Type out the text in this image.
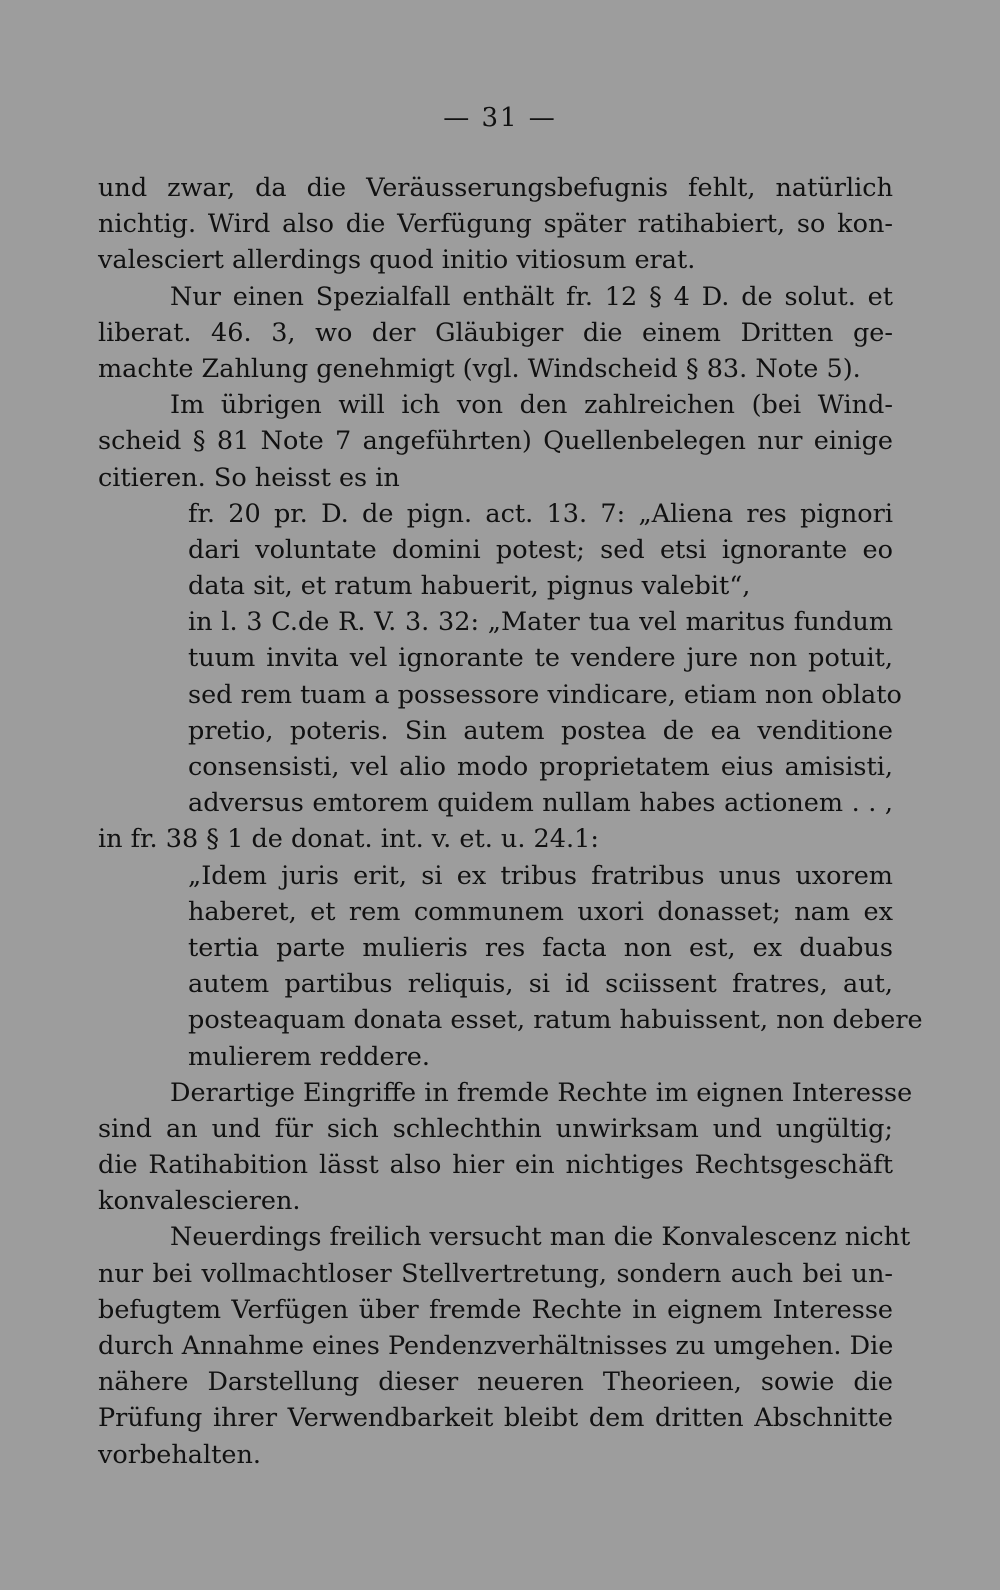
— 31 —
und zwar, da die Veräusserungsbefugnis fehlt, natürlich
nichtig. Wird also die Verfügung später ratihabiert, so kon-
valesciert allerdings quod initio vitiosum erat.
Nur einen Spezialfall enthält fr. 12 § 4 D. de solut. et
liberat. 46. 3, wo der Gläubiger die einem Dritten ge-
machte Zahlung genehmigt (vgl. Windscheid § 83. Note 5).
Im übrigen will ich von den zahlreichen (bei Wind-
scheid § 81 Note 7 angeführten) Quellenbelegen nur einige
citieren. So heisst es in
fr. 20 pr. D. de pign. act. 13. 7: „Aliena res pignori
dari voluntate domini potest; sed etsi ignorante eo
data sit, et ratum habuerit, pignus valebit“,
in l. 3 C.de R. V. 3. 32: „Mater tua vel maritus fundum
tuum invita vel ignorante te vendere jure non potuit,
sed rem tuam a possessore vindicare, etiam non oblato
pretio, poteris. Sin autem postea de ea venditione
consensisti, vel alio modo proprietatem eius amisisti,
adversus emtorem quidem nullam habes actionem . . ,
in fr. 38 § 1 de donat. int. v. et. u. 24.1:
„Idem juris erit, si ex tribus fratribus unus uxorem
haberet, et rem communem uxori donasset; nam ex
tertia parte mulieris res facta non est, ex duabus
autem partibus reliquis, si id sciissent fratres, aut,
posteaquam donata esset, ratum habuissent, non debere
mulierem reddere.
Derartige Eingriffe in fremde Rechte im eignen Interesse
sind an und für sich schlechthin unwirksam und ungültig;
die Ratihabition lässt also hier ein nichtiges Rechtsgeschäft
konvalescieren.
Neuerdings freilich versucht man die Konvalescenz nicht
nur bei vollmachtloser Stellvertretung, sondern auch bei un-
befugtem Verfügen über fremde Rechte in eignem Interesse
durch Annahme eines Pendenzverhältnisses zu umgehen. Die
nähere Darstellung dieser neueren Theorieen, sowie die
Prüfung ihrer Verwendbarkeit bleibt dem dritten Abschnitte
vorbehalten.
